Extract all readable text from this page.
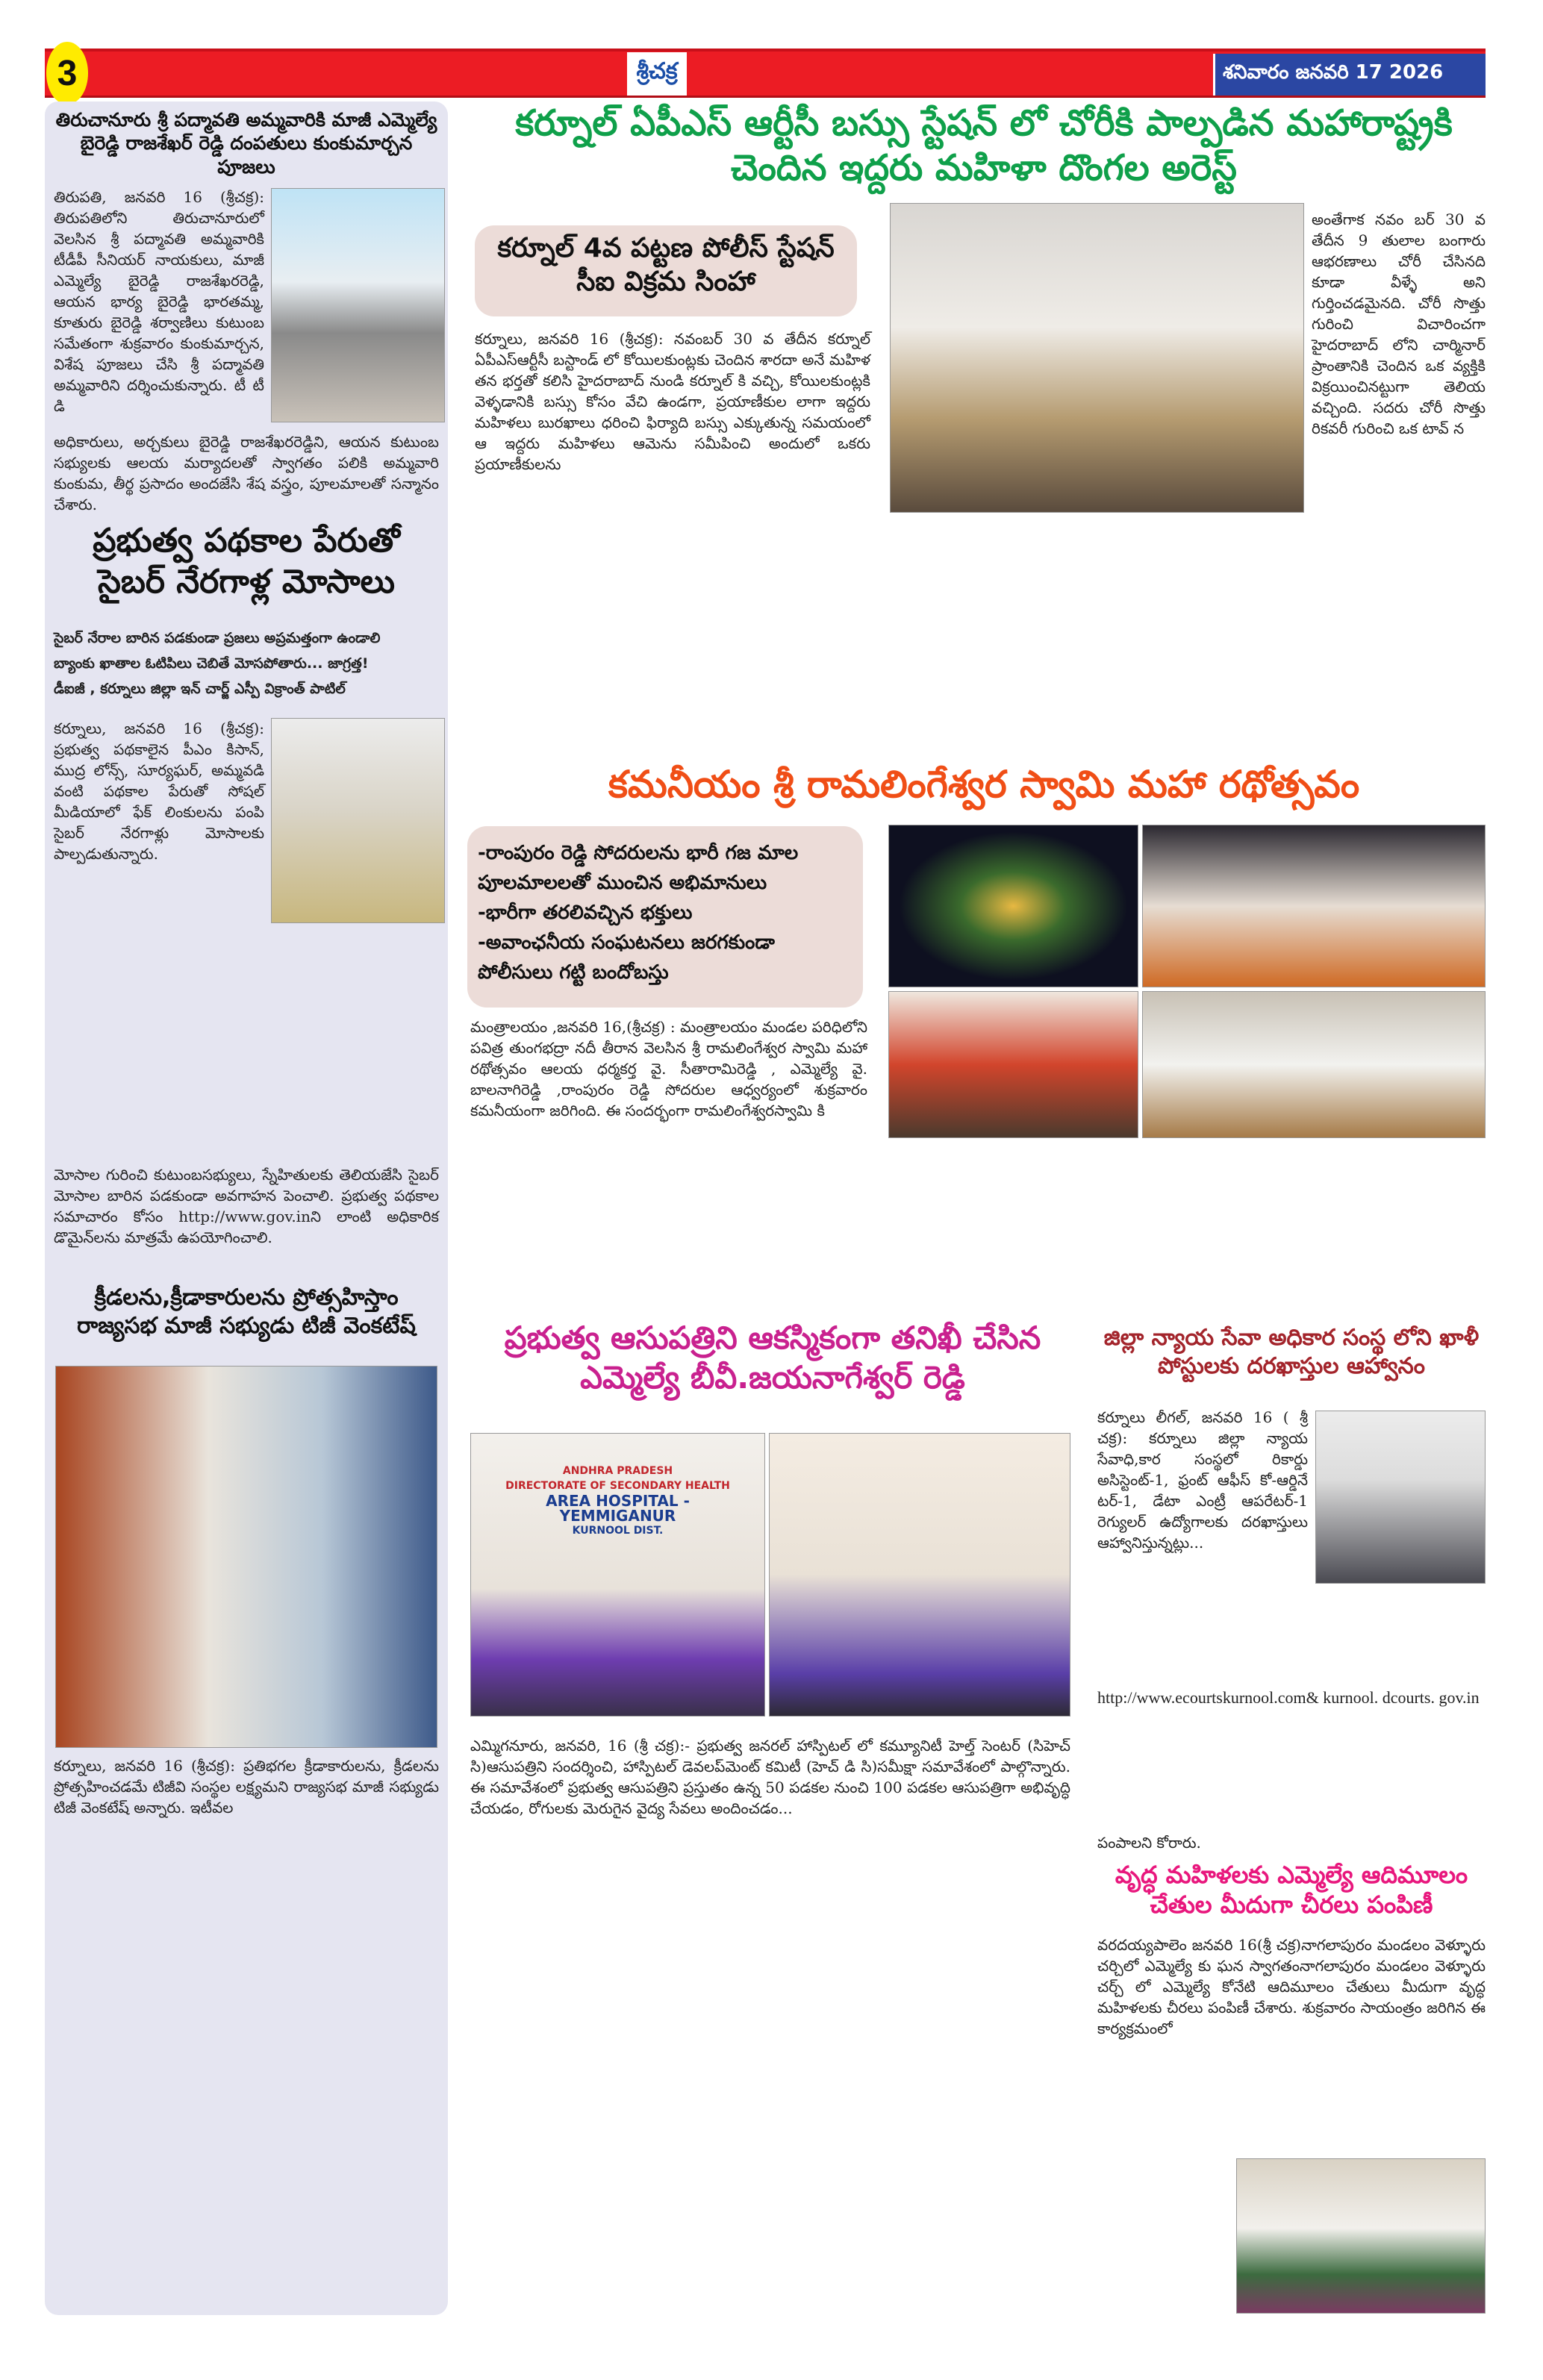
3	శ్రీచక్ర	శనివారం జనవరి 17 2026
తిరుచానూరు శ్రీ పద్మావతి అమ్మవారికి మాజీ ఎమ్మెల్యే బైరెడ్డి రాజశేఖర్ రెడ్డి దంపతులు కుంకుమార్చన పూజలు
తిరుపతి, జనవరి 16 (శ్రీచక్ర): తిరుపతిలోని తిరుచానూరులో వెలసిన శ్రీ పద్మావతి అమ్మవారికి టీడీపీ సీనియర్ నాయకులు, మాజీ ఎమ్మెల్యే బైరెడ్డి రాజశేఖరరెడ్డి, ఆయన భార్య బైరెడ్డి భారతమ్మ, కూతురు బైరెడ్డి శర్వాణిలు కుటుంబ సమేతంగా శుక్రవారం కుంకుమార్చన, విశేష పూజలు చేసి శ్రీ పద్మావతి అమ్మవారిని దర్శించుకున్నారు. టీ టీ డి
అధికారులు, అర్చకులు బైరెడ్డి రాజశేఖరరెడ్డిని, ఆయన కుటుంబ సభ్యులకు ఆలయ మర్యాదలతో స్వాగతం పలికి అమ్మవారి కుంకుమ, తీర్థ ప్రసాదం అందజేసి శేష వస్త్రం, పూలమాలతో సన్మానం చేశారు.
ప్రభుత్వ పథకాల పేరుతో సైబర్ నేరగాళ్ల మోసాలు
సైబర్ నేరాల బారిన పడకుండా ప్రజలు అప్రమత్తంగా ఉండాలి
బ్యాంకు ఖాతాల ఓటిపిలు చెబితే మోసపోతారు... జాగ్రత్త!
డీఐజీ , కర్నూలు జిల్లా ఇన్ చార్జ్ ఎస్పీ విక్రాంత్ పాటిల్
కర్నూలు, జనవరి 16 (శ్రీచక్ర): ప్రభుత్వ పథకాలైన పీఎం కిసాన్, ముద్ర లోన్స్, సూర్యఘర్, అమ్మవడి వంటి పథకాల పేరుతో సోషల్ మీడియాలో ఫేక్ లింకులను పంపి సైబర్ నేరగాళ్లు మోసాలకు పాల్పడుతున్నారు.
మోసాల గురించి కుటుంబసభ్యులు, స్నేహితులకు తెలియజేసి సైబర్ మోసాల బారిన పడకుండా అవగాహన పెంచాలి. ప్రభుత్వ పథకాల సమాచారం కోసం http://www.gov.inని లాంటి అధికారిక డొమైన్‌లను మాత్రమే ఉపయోగించాలి.
క్రీడలను,క్రీడాకారులను ప్రోత్సహిస్తాం రాజ్యసభ మాజీ సభ్యుడు టిజీ వెంకటేష్
కర్నూలు, జనవరి 16 (శ్రీచక్ర): ప్రతిభగల క్రీడాకారులను, క్రీడలను ప్రోత్సహించడమే టిజీవి సంస్థల లక్ష్యమని రాజ్యసభ మాజీ సభ్యుడు టిజీ వెంకటేష్ అన్నారు. ఇటీవల
కర్నూల్ ఏపీఎస్ ఆర్టీసీ బస్సు స్టేషన్ లో చోరీకి పాల్పడిన మహారాష్ట్రకి చెందిన ఇద్దరు మహిళా దొంగల అరెస్ట్
కర్నూల్ 4వ పట్టణ పోలీస్ స్టేషన్ సీఐ విక్రమ సింహా
కర్నూలు, జనవరి 16 (శ్రీచక్ర): నవంబర్ 30 వ తేదీన కర్నూల్ ఏపీఎస్ఆర్టీసీ బస్టాండ్ లో కోయిలకుంట్లకు చెందిన శారదా అనే మహిళ తన భర్తతో కలిసి హైదరాబాద్ నుండి కర్నూల్ కి వచ్చి, కోయిలకుంట్లకి వెళ్ళడానికి బస్సు కోసం వేచి ఉండగా, ప్రయాణీకుల లాగా ఇద్దరు మహిళలు బురఖాలు ధరించి ఫిర్యాది బస్సు ఎక్కుతున్న సమయంలో ఆ ఇద్దరు మహిళలు ఆమెను సమీపించి అందులో ఒకరు ప్రయాణీకులను
అంతేగాక నవం బర్ 30 వ తేదీన 9 తులాల బంగారు ఆభరణాలు చోరీ చేసినది కూడా వీళ్ళే అని గుర్తించడమైనది. చోరీ సొత్తు గురించి విచారించగా హైదరాబాద్ లోని చార్మినార్ ప్రాంతానికి చెందిన ఒక వ్యక్తికి విక్రయించినట్టుగా తెలియ వచ్చింది. సదరు చోరీ సొత్తు రికవరీ గురించి ఒక టావ్ న
కమనీయం శ్రీ రామలింగేశ్వర స్వామి మహా రథోత్సవం
-రాంపురం రెడ్డి సోదరులను భారీ గజ మాల పూలమాలలతో ముంచిన అభిమానులు
-భారీగా తరలివచ్చిన భక్తులు
-అవాంఛనీయ సంఘటనలు జరగకుండా పోలీసులు గట్టి బందోబస్తు
మంత్రాలయం ,జనవరి 16,(శ్రీచక్ర) : మంత్రాలయం మండల పరిధిలోని పవిత్ర తుంగభద్రా నదీ తీరాన వెలసిన శ్రీ రామలింగేశ్వర స్వామి మహా రథోత్సవం ఆలయ ధర్మకర్త వై. సీతారామిరెడ్డి , ఎమ్మెల్యే వై. బాలనాగిరెడ్డి ,రాంపురం రెడ్డి సోదరుల ఆధ్వర్యంలో శుక్రవారం కమనీయంగా జరిగింది. ఈ సందర్భంగా రామలింగేశ్వరస్వామి కి
ప్రభుత్వ ఆసుపత్రిని ఆకస్మికంగా తనిఖీ చేసిన ఎమ్మెల్యే బీవీ.జయనాగేశ్వర్ రెడ్డి
ANDHRA PRADESH
DIRECTORATE OF SECONDARY HEALTH
AREA HOSPITAL - YEMMIGANUR
KURNOOL DIST.
ఎమ్మిగనూరు, జనవరి, 16 (శ్రీ చక్ర):- ప్రభుత్వ జనరల్ హాస్పిటల్ లో కమ్యూనిటీ హెల్త్ సెంటర్ (సిహెచ్ సి)ఆసుపత్రిని సందర్శించి, హాస్పిటల్ డెవలప్‌మెంట్ కమిటీ (హెచ్ డి సి)సమీక్షా సమావేశంలో పాల్గొన్నారు. ఈ సమావేశంలో ప్రభుత్వ ఆసుపత్రిని ప్రస్తుతం ఉన్న 50 పడకల నుంచి 100 పడకల ఆసుపత్రిగా అభివృద్ధి చేయడం, రోగులకు మెరుగైన వైద్య సేవలు అందించడం...
జిల్లా న్యాయ సేవా అధికార సంస్థ లోని ఖాళీ పోస్టులకు దరఖాస్తుల ఆహ్వానం
కర్నూలు లీగల్, జనవరి 16 ( శ్రీ చక్ర): కర్నూలు జిల్లా న్యాయ సేవాధి,కార సంస్థలో రికార్డు అసిస్టెంట్-1, ఫ్రంట్ ఆఫీస్ కో-ఆర్డినే టర్-1, డేటా ఎంట్రీ ఆపరేటర్-1 రెగ్యులర్ ఉద్యోగాలకు దరఖాస్తులు ఆహ్వానిస్తున్నట్లు...
http://www.ecourtskurnool.com& kurnool. dcourts. gov.in
పంపాలని కోరారు.
వృద్ధ మహిళలకు ఎమ్మెల్యే ఆదిమూలం చేతుల మీదుగా చీరలు పంపిణీ
వరదయ్యపాలెం జనవరి 16(శ్రీ చక్ర)నాగలాపురం మండలం వెళ్ళూరు చర్చిలో ఎమ్మెల్యే కు ఘన స్వాగతంనాగలాపురం మండలం వెళ్ళూరు చర్చ్ లో ఎమ్మెల్యే కోనేటి ఆదిమూలం చేతులు మీదుగా వృద్ధ మహిళలకు చీరలు పంపిణీ చేశారు. శుక్రవారం సాయంత్రం జరిగిన ఈ కార్యక్రమంలో
